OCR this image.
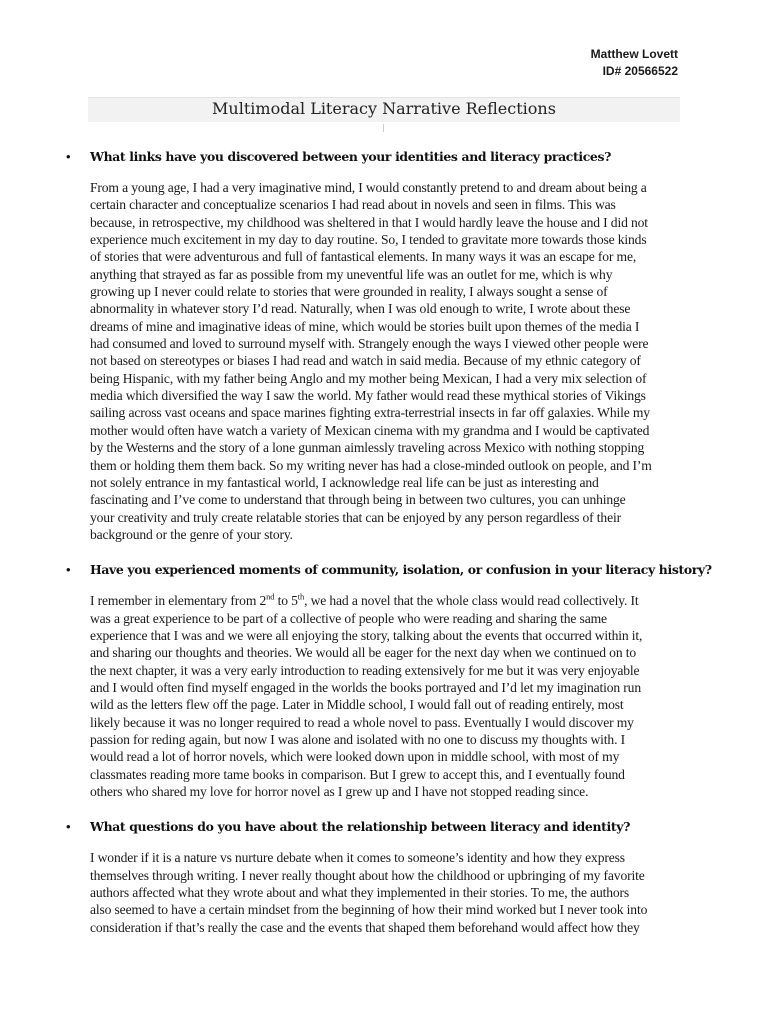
Matthew Lovett
ID# 20566522
Multimodal Literacy Narrative Reflections
• What links have you discovered between your identities and literacy practices?
From a young age, I had a very imaginative mind, I would constantly pretend to and dream about being a
certain character and conceptualize scenarios I had read about in novels and seen in films. This was
because, in retrospective, my childhood was sheltered in that I would hardly leave the house and I did not
experience much excitement in my day to day routine. So, I tended to gravitate more towards those kinds
of stories that were adventurous and full of fantastical elements. In many ways it was an escape for me,
anything that strayed as far as possible from my uneventful life was an outlet for me, which is why
growing up I never could relate to stories that were grounded in reality, I always sought a sense of
abnormality in whatever story I’d read. Naturally, when I was old enough to write, I wrote about these
dreams of mine and imaginative ideas of mine, which would be stories built upon themes of the media I
had consumed and loved to surround myself with. Strangely enough the ways I viewed other people were
not based on stereotypes or biases I had read and watch in said media. Because of my ethnic category of
being Hispanic, with my father being Anglo and my mother being Mexican, I had a very mix selection of
media which diversified the way I saw the world. My father would read these mythical stories of Vikings
sailing across vast oceans and space marines fighting extra-terrestrial insects in far off galaxies. While my
mother would often have watch a variety of Mexican cinema with my grandma and I would be captivated
by the Westerns and the story of a lone gunman aimlessly traveling across Mexico with nothing stopping
them or holding them them back. So my writing never has had a close-minded outlook on people, and I’m
not solely entrance in my fantastical world, I acknowledge real life can be just as interesting and
fascinating and I’ve come to understand that through being in between two cultures, you can unhinge
your creativity and truly create relatable stories that can be enjoyed by any person regardless of their
background or the genre of your story.
• Have you experienced moments of community, isolation, or confusion in your literacy history?
I remember in elementary from 2nd to 5th, we had a novel that the whole class would read collectively. It
was a great experience to be part of a collective of people who were reading and sharing the same
experience that I was and we were all enjoying the story, talking about the events that occurred within it,
and sharing our thoughts and theories. We would all be eager for the next day when we continued on to
the next chapter, it was a very early introduction to reading extensively for me but it was very enjoyable
and I would often find myself engaged in the worlds the books portrayed and I’d let my imagination run
wild as the letters flew off the page. Later in Middle school, I would fall out of reading entirely, most
likely because it was no longer required to read a whole novel to pass. Eventually I would discover my
passion for reding again, but now I was alone and isolated with no one to discuss my thoughts with. I
would read a lot of horror novels, which were looked down upon in middle school, with most of my
classmates reading more tame books in comparison. But I grew to accept this, and I eventually found
others who shared my love for horror novel as I grew up and I have not stopped reading since.
• What questions do you have about the relationship between literacy and identity?
I wonder if it is a nature vs nurture debate when it comes to someone’s identity and how they express
themselves through writing. I never really thought about how the childhood or upbringing of my favorite
authors affected what they wrote about and what they implemented in their stories. To me, the authors
also seemed to have a certain mindset from the beginning of how their mind worked but I never took into
consideration if that’s really the case and the events that shaped them beforehand would affect how they
